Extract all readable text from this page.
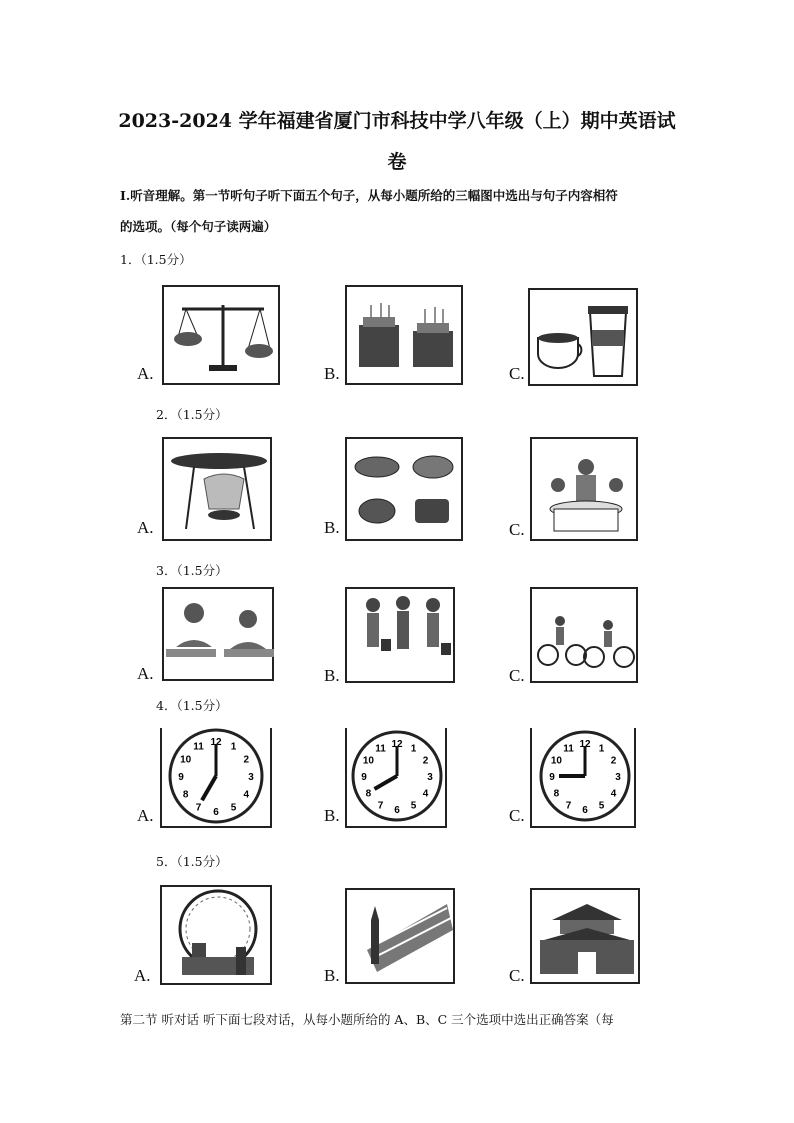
2023-2024 学年福建省厦门市科技中学八年级（上）期中英语试
卷
I.听音理解。第一节听句子听下面五个句子，从每小题所给的三幅图中选出与句子内容相符
的选项。（每个句子读两遍）
1．（1.5分）
A.	B.	C.
2．（1.5分）
A.	B.	C.
3．（1.5分）
A.	B.	C.
4．（1.5分）
12 1
2
3
4
5
6
7
8
9
10
11
A.
12 1
2
3
4
5
6
7
8
9
10
11
B.
12 1
2
3
4
5
6
7
8
9
10
11
C.
5．（1.5分）
A.	B.	C.
第二节 听对话 听下面七段对话，从每小题所给的 A、B、C 三个选项中选出正确答案（每
